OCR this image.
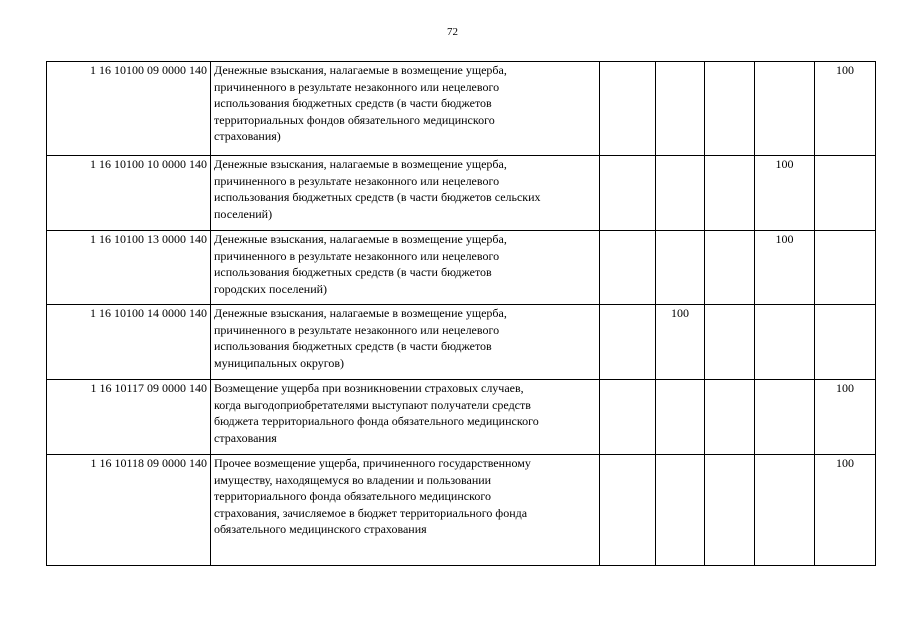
72
1 16 10100 09 0000 140	Денежные взыскания, налагаемые в возмещение ущерба,
причиненного в результате незаконного или нецелевого
использования бюджетных средств (в части бюджетов
территориальных фондов обязательного медицинского
страхования)					100
1 16 10100 10 0000 140	Денежные взыскания, налагаемые в возмещение ущерба,
причиненного в результате незаконного или нецелевого
использования бюджетных средств (в части бюджетов сельских
поселений)				100	
1 16 10100 13 0000 140	Денежные взыскания, налагаемые в возмещение ущерба,
причиненного в результате незаконного или нецелевого
использования бюджетных средств (в части бюджетов
городских поселений)				100	
1 16 10100 14 0000 140	Денежные взыскания, налагаемые в возмещение ущерба,
причиненного в результате незаконного или нецелевого
использования бюджетных средств (в части бюджетов
муниципальных округов)		100			
1 16 10117 09 0000 140	Возмещение ущерба при возникновении страховых случаев,
когда выгодоприобретателями выступают получатели средств
бюджета территориального фонда обязательного медицинского
страхования					100
1 16 10118 09 0000 140	Прочее возмещение ущерба, причиненного государственному
имуществу, находящемуся во владении и пользовании
территориального фонда обязательного медицинского
страхования, зачисляемое в бюджет территориального фонда
обязательного медицинского страхования					100
